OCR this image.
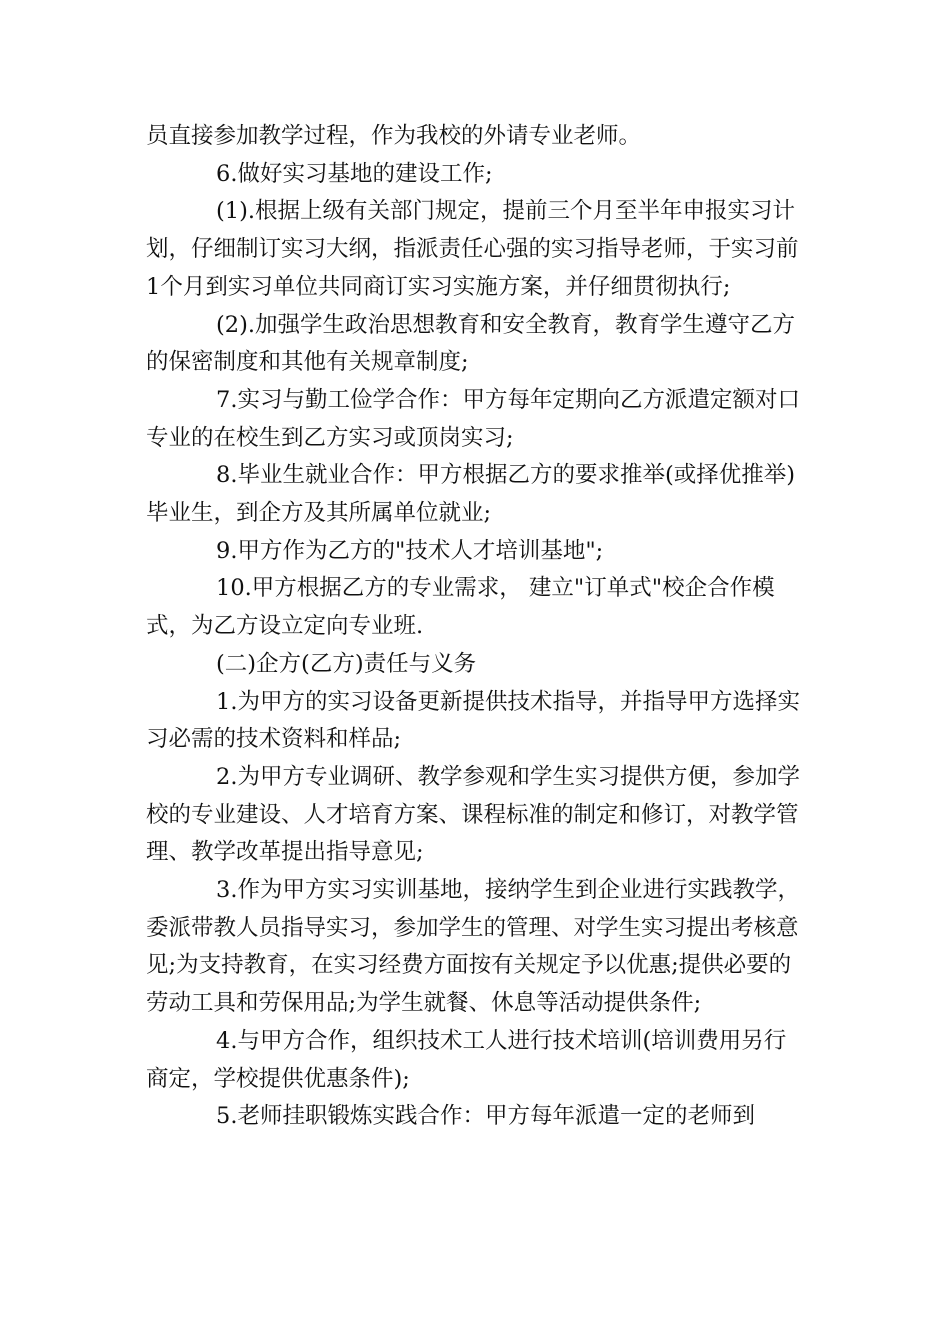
员直接参加教学过程，作为我校的外请专业老师。

6.做好实习基地的建设工作;

(1).根据上级有关部门规定，提前三个月至半年申报实习计划，仔细制订实习大纲，指派责任心强的实习指导老师，于实习前1个月到实习单位共同商订实习实施方案，并仔细贯彻执行;

(2).加强学生政治思想教育和安全教育，教育学生遵守乙方的保密制度和其他有关规章制度;

7.实习与勤工俭学合作：甲方每年定期向乙方派遣定额对口专业的在校生到乙方实习或顶岗实习;

8.毕业生就业合作：甲方根据乙方的要求推举(或择优推举)毕业生，到企方及其所属单位就业;

9.甲方作为乙方的"技术人才培训基地";

10.甲方根据乙方的专业需求， 建立"订单式"校企合作模式，为乙方设立定向专业班.

(二)企方(乙方)责任与义务

1.为甲方的实习设备更新提供技术指导，并指导甲方选择实习必需的技术资料和样品;

2.为甲方专业调研、教学参观和学生实习提供方便，参加学校的专业建设、人才培育方案、课程标准的制定和修订，对教学管理、教学改革提出指导意见;

3.作为甲方实习实训基地，接纳学生到企业进行实践教学，委派带教人员指导实习，参加学生的管理、对学生实习提出考核意见;为支持教育，在实习经费方面按有关规定予以优惠;提供必要的劳动工具和劳保用品;为学生就餐、休息等活动提供条件;

4.与甲方合作，组织技术工人进行技术培训(培训费用另行商定，学校提供优惠条件);

5.老师挂职锻炼实践合作：甲方每年派遣一定的老师到
